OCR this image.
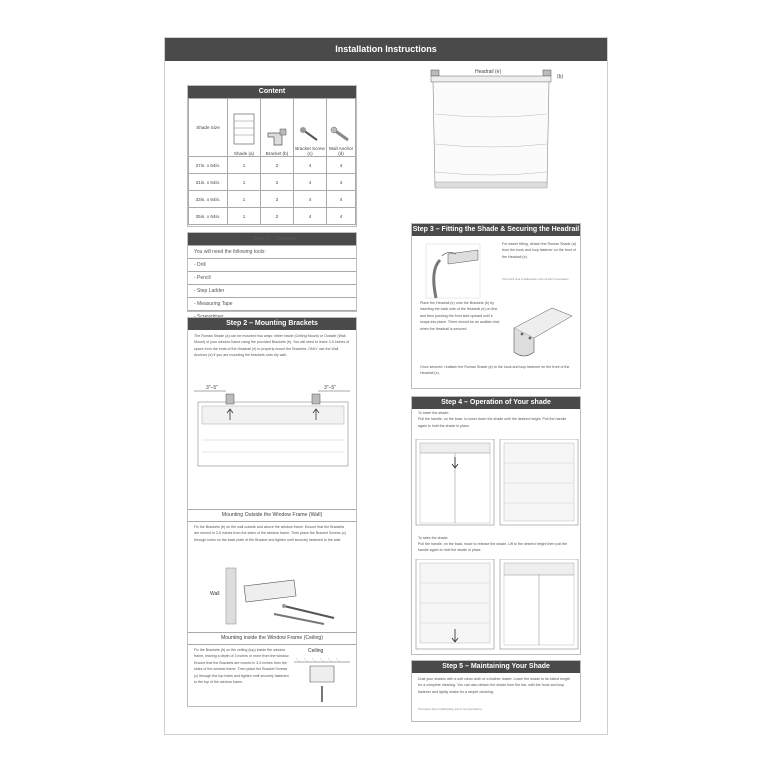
Installation Instructions
Content
Shade Size	Shade (a)	Bracket (b)	Bracket Screw (c)	Wall Anchor (d)

27in. x 64in.	1	2	4	4
31in. x 64in.	1	2	4	4
33in. x 64in.	1	2	4	4
35in. x 64in.	1	2	4	4
Step 1 – Checklist
You will need the following tools:
- Drill
- Pencil
- Step Ladder
- Measuring Tape
Step 2 – Mounting Brackets
The Roman Shade (a) can be mounted two ways: either inside (Ceiling Mount) or Outside (Wall Mount) of your window frame using the provided Brackets (b). You will need to leave 3-5 inches of space from the ends of the Headrail (e) to properly mount the Brackets. ONLY use the Wall Anchors (d) if you are mounting the brackets onto dry wall.
3"–5"	3"–5"
Mounting Outside the Window Frame (Wall)
Fix the Brackets (b) on the wall outside and above the window frame. Ensure that the Brackets are moved in 3-5 inches from the sides of the window frame. Then place the Bracket Screws (c) through holes on the back plate of the Bracket and tighten until securely fastened to the wall.
Wall
Mounting inside the Window Frame (Ceiling)
Fix the Brackets (b) on the ceiling (top) inside the window frame, leaving a depth of 3 inches or more from the window. Ensure that the Brackets are moved in 3-5 inches from the sides of the window frame. Then place the Bracket Screws (c) through the top holes and tighten until securely fastened to the top of the window frame.
Ceiling
Headrail (e)
(b)
Step 3 – Fitting the Shade & Securing the Headrail
For easier fitting, detach the Roman Shade (a) from the hook and loop fastener on the front of the Headrail (e).
This brand here is deliberately. Just not help homemakers.
Place the Headrail (e) onto the Brackets (b) by inserting the back side of the Headrail (e) on first and then pushing the front side upward until it snaps into place. There should be an audible click when the Headrail is secured.
Once secured, reattach the Roman Shade (a) to the hook and loop fastener on the front of the Headrail (e).
Step 4 – Operation of Your shade
To lower the shade:
Pull the handle, on the back, to lower down the shade until the desired height. Pull the handle again to hold the shade in place.
To raise the shade:
Pull the handle, on the back, twice to release the shade. Lift to the desired height then pull the handle again to hold the shade in place.
Step 5 – Maintaining Your Shade
Dust your shades with a soft clean cloth or a feather duster. Lower the shade to its fullest length for a complete cleaning. You can also detach the shade from the bar, with the hook and loop fastener and lightly shake for a simple cleaning.
This leaves here is deliberately, just for text decorations.
